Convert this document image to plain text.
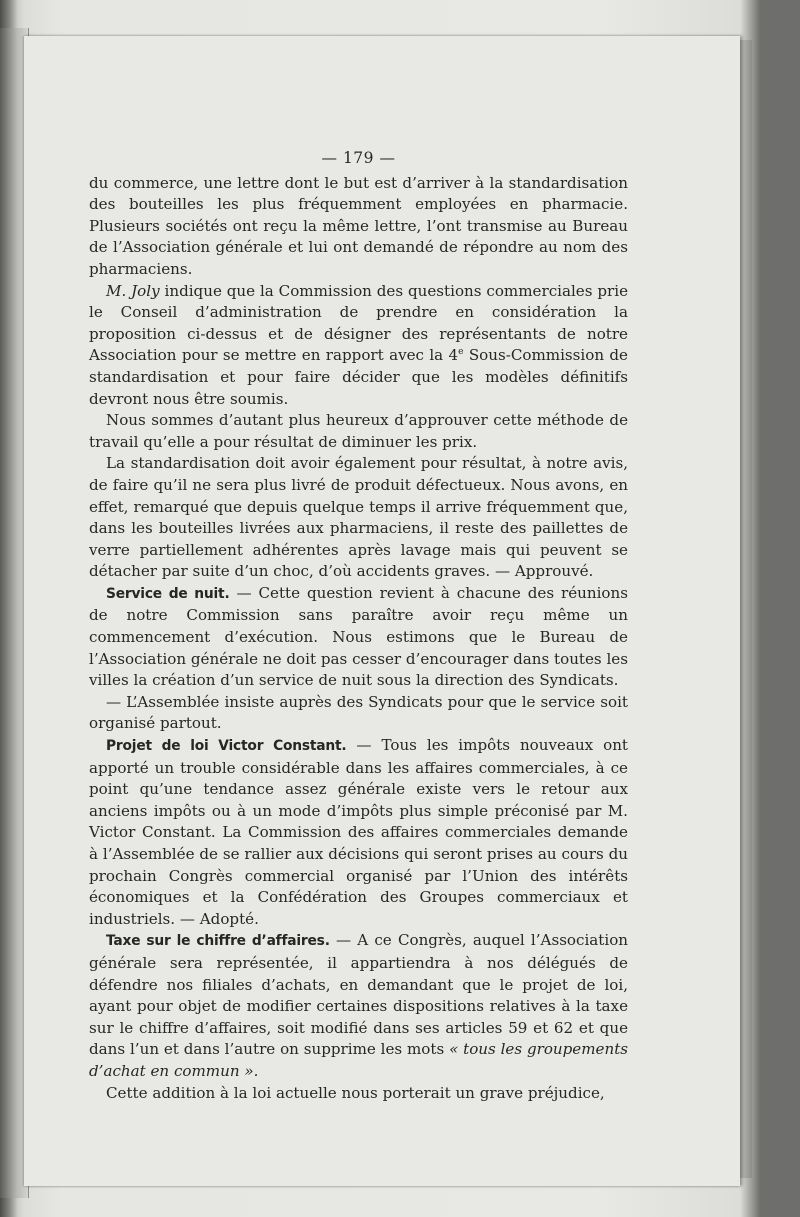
— 179 —

du commerce, une lettre dont le but est d’arriver à la standardisation des bouteilles les plus fréquemment employées en pharmacie. Plusieurs sociétés ont reçu la même lettre, l’ont transmise au Bureau de l’Association générale et lui ont demandé de répondre au nom des pharmaciens.

M. Joly indique que la Commission des questions commerciales prie le Conseil d’administration de prendre en considération la proposition ci-dessus et de désigner des représentants de notre Association pour se mettre en rapport avec la 4e Sous-Commission de standardisation et pour faire décider que les modèles définitifs devront nous être soumis.

Nous sommes d’autant plus heureux d’approuver cette méthode de travail qu’elle a pour résultat de diminuer les prix.

La standardisation doit avoir également pour résultat, à notre avis, de faire qu’il ne sera plus livré de produit défectueux. Nous avons, en effet, remarqué que depuis quelque temps il arrive fréquemment que, dans les bouteilles livrées aux pharmaciens, il reste des paillettes de verre partiellement adhérentes après lavage mais qui peuvent se détacher par suite d’un choc, d’où accidents graves. — Approuvé.

Service de nuit. — Cette question revient à chacune des réunions de notre Commission sans paraître avoir reçu même un commencement d’exécution. Nous estimons que le Bureau de l’Association générale ne doit pas cesser d’encourager dans toutes les villes la création d’un service de nuit sous la direction des Syndicats.

— L’Assemblée insiste auprès des Syndicats pour que le service soit organisé partout.

Projet de loi Victor Constant. — Tous les impôts nouveaux ont apporté un trouble considérable dans les affaires commerciales, à ce point qu’une tendance assez générale existe vers le retour aux anciens impôts ou à un mode d’impôts plus simple préconisé par M. Victor Constant. La Commission des affaires commerciales demande à l’Assemblée de se rallier aux décisions qui seront prises au cours du prochain Congrès commercial organisé par l’Union des intérêts économiques et la Confédération des Groupes commerciaux et industriels. — Adopté.

Taxe sur le chiffre d’affaires. — A ce Congrès, auquel l’Association générale sera représentée, il appartiendra à nos délégués de défendre nos filiales d’achats, en demandant que le projet de loi, ayant pour objet de modifier certaines dispositions relatives à la taxe sur le chiffre d’affaires, soit modifié dans ses articles 59 et 62 et que dans l’un et dans l’autre on supprime les mots « tous les groupements d’achat en commun ».

Cette addition à la loi actuelle nous porterait un grave préjudice,
